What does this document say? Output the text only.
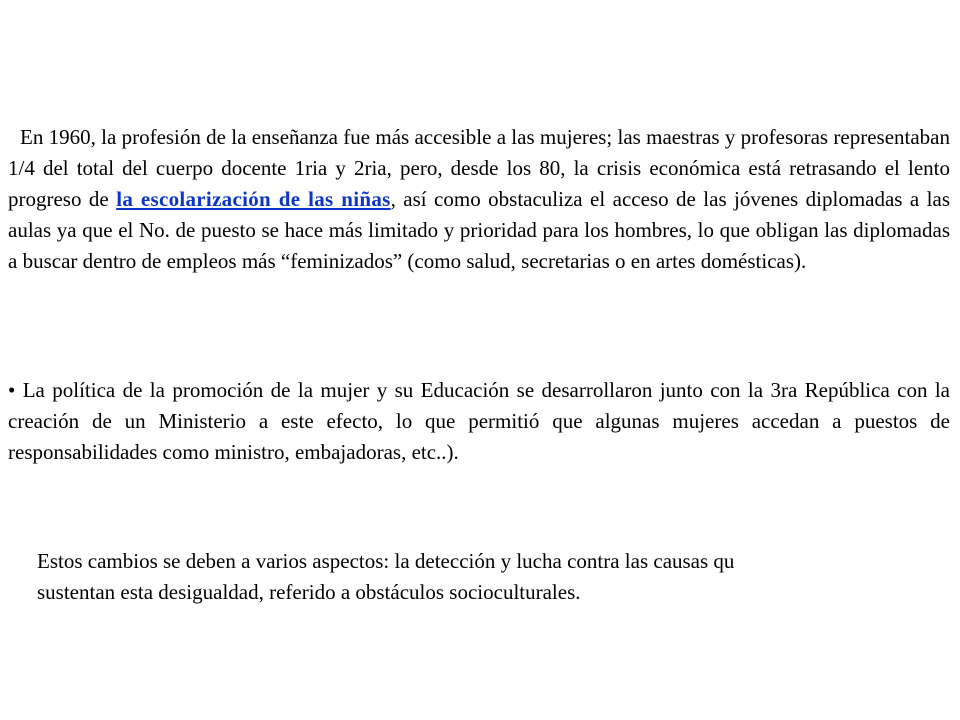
En 1960, la profesión de la enseñanza fue más accesible a las mujeres; las maestras y profesoras representaban 1/4 del total del cuerpo docente 1ria y 2ria, pero, desde los 80, la crisis económica está retrasando el lento progreso de la escolarización de las niñas, así como obstaculiza el acceso de las jóvenes diplomadas a las aulas ya que el No. de puesto se hace más limitado y prioridad para los hombres, lo que obligan las diplomadas a buscar dentro de empleos más “feminizados” (como salud, secretarias o en artes domésticas).

• La política de la promoción de la mujer y su Educación se desarrollaron junto con la 3ra República con la creación de un Ministerio a este efecto, lo que permitió que algunas mujeres accedan a puestos de responsabilidades como ministro, embajadoras, etc..).

Estos cambios se deben a varios aspectos: la detección y lucha contra las causas qu
sustentan esta desigualdad, referido a obstáculos socioculturales.
